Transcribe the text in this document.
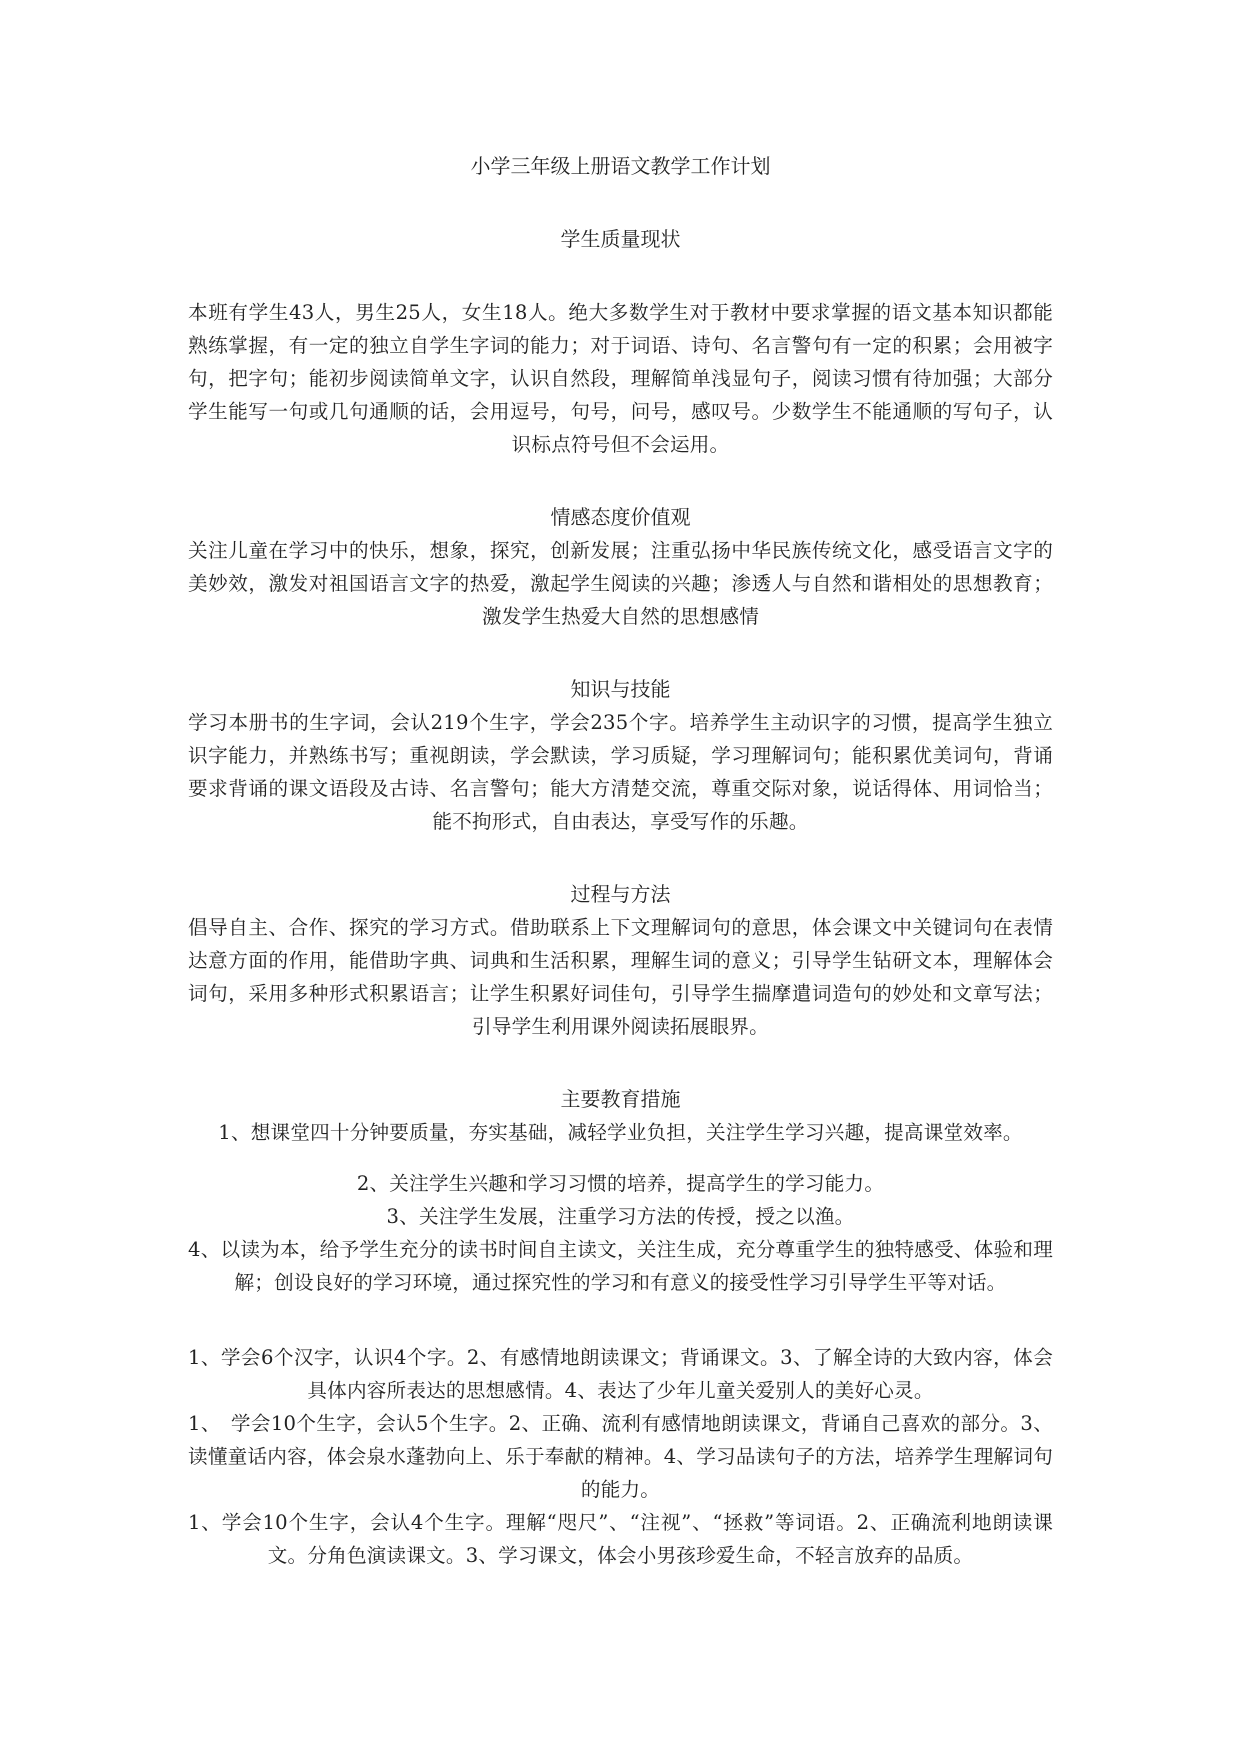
小学三年级上册语文教学工作计划
学生质量现状

本班有学生43人，男生25人，女生18人。绝大多数学生对于教材中要求掌握的语文基本知识都能熟练掌握，有一定的独立自学生字词的能力；对于词语、诗句、名言警句有一定的积累；会用被字句，把字句；能初步阅读简单文字，认识自然段，理解简单浅显句子，阅读习惯有待加强；大部分学生能写一句或几句通顺的话，会用逗号，句号，问号，感叹号。少数学生不能通顺的写句子，认识标点符号但不会运用。

情感态度价值观

关注儿童在学习中的快乐，想象，探究，创新发展；注重弘扬中华民族传统文化，感受语言文字的美妙效，激发对祖国语言文字的热爱，激起学生阅读的兴趣；渗透人与自然和谐相处的思想教育；激发学生热爱大自然的思想感情

知识与技能

学习本册书的生字词，会认219个生字，学会235个字。培养学生主动识字的习惯，提高学生独立识字能力，并熟练书写；重视朗读，学会默读，学习质疑，学习理解词句；能积累优美词句，背诵要求背诵的课文语段及古诗、名言警句；能大方清楚交流，尊重交际对象，说话得体、用词恰当；能不拘形式，自由表达，享受写作的乐趣。

过程与方法

倡导自主、合作、探究的学习方式。借助联系上下文理解词句的意思，体会课文中关键词句在表情达意方面的作用，能借助字典、词典和生活积累，理解生词的意义；引导学生钻研文本，理解体会词句，采用多种形式积累语言；让学生积累好词佳句，引导学生揣摩遣词造句的妙处和文章写法；引导学生利用课外阅读拓展眼界。

主要教育措施

1、想课堂四十分钟要质量，夯实基础，减轻学业负担，关注学生学习兴趣，提高课堂效率。

2、关注学生兴趣和学习习惯的培养，提高学生的学习能力。

3、关注学生发展，注重学习方法的传授，授之以渔。

4、以读为本，给予学生充分的读书时间自主读文，关注生成，充分尊重学生的独特感受、体验和理解；创设良好的学习环境，通过探究性的学习和有意义的接受性学习引导学生平等对话。

1、学会6个汉字，认识4个字。2、有感情地朗读课文；背诵课文。3、了解全诗的大致内容，体会具体内容所表达的思想感情。4、表达了少年儿童关爱别人的美好心灵。

1、　学会10个生字，会认5个生字。2、正确、流利有感情地朗读课文，背诵自己喜欢的部分。3、读懂童话内容，体会泉水蓬勃向上、乐于奉献的精神。4、学习品读句子的方法，培养学生理解词句的能力。

1、学会10个生字，会认4个生字。理解“咫尺”、“注视”、“拯救”等词语。2、正确流利地朗读课文。分角色演读课文。3、学习课文，体会小男孩珍爱生命，不轻言放弃的品质。
